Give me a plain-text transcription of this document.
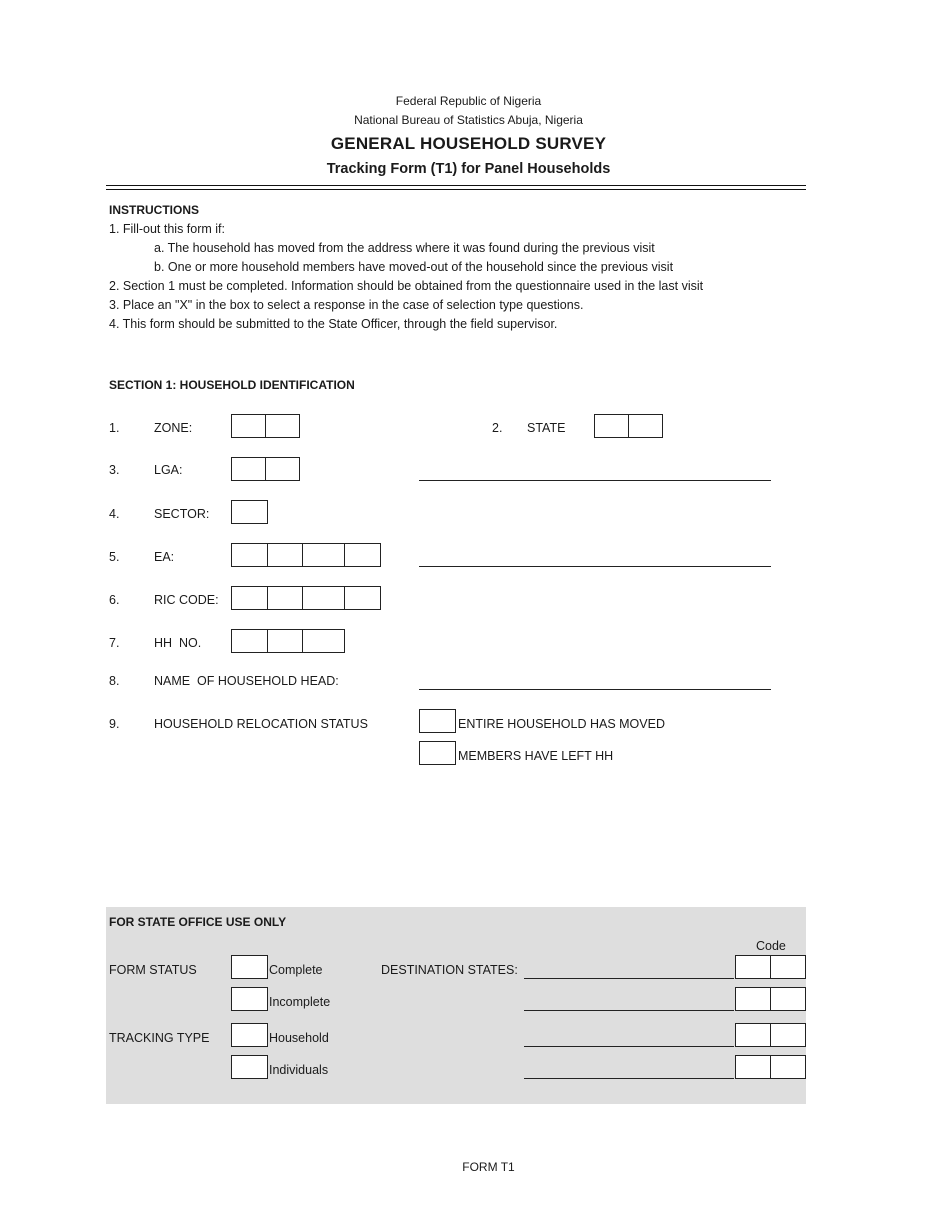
Federal Republic of Nigeria
National Bureau of Statistics Abuja, Nigeria
GENERAL HOUSEHOLD SURVEY
Tracking Form (T1) for Panel Households
INSTRUCTIONS
1. Fill-out this form if:
a. The household has moved from the address where it was found during the previous visit
b. One or more household members have moved-out of the household since the previous visit
2. Section 1 must be completed. Information should be obtained from the questionnaire used in the last visit
3. Place an "X" in the box to select a response in the case of selection type questions.
4. This form should be submitted to the State Officer, through the field supervisor.
SECTION 1: HOUSEHOLD IDENTIFICATION
1.	ZONE:	2. STATE
3.	LGA:
4.	SECTOR:
5.	EA:
6.	RIC CODE:
7.	HH  NO.
8.	NAME  OF HOUSEHOLD HEAD:
9.	HOUSEHOLD RELOCATION STATUS	ENTIRE HOUSEHOLD HAS MOVED
MEMBERS HAVE LEFT HH
FOR STATE OFFICE USE ONLY
Code
FORM STATUS	Complete	DESTINATION STATES:
Incomplete
TRACKING TYPE	Household
Individuals
FORM T1
